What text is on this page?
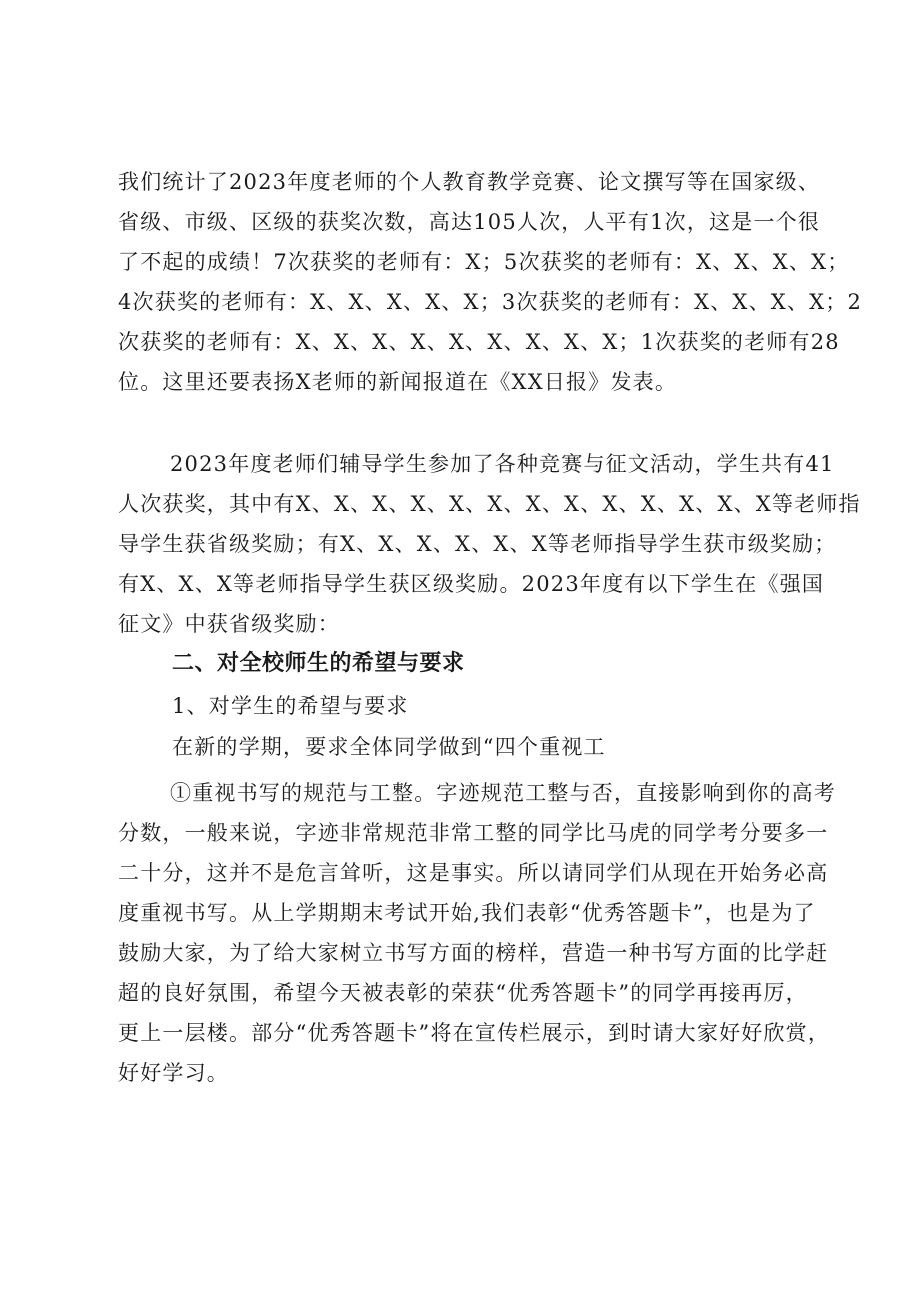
我们统计了2023年度老师的个人教育教学竞赛、论文撰写等在国家级、
省级、市级、区级的获奖次数，高达105人次，人平有1次，这是一个很
了不起的成绩！7次获奖的老师有：X；5次获奖的老师有：X、X、X、X；
4次获奖的老师有：X、X、X、X、X；3次获奖的老师有：X、X、X、X；2
次获奖的老师有：X、X、X、X、X、X、X、X、X；1次获奖的老师有28
位。这里还要表扬X老师的新闻报道在《XX日报》发表。
2023年度老师们辅导学生参加了各种竞赛与征文活动，学生共有41
人次获奖，其中有X、X、X、X、X、X、X、X、X、X、X、X、X等老师指
导学生获省级奖励；有X、X、X、X、X、X等老师指导学生获市级奖励；
有X、X、X等老师指导学生获区级奖励。2023年度有以下学生在《强国
征文》中获省级奖励：
二、对全校师生的希望与要求

1、对学生的希望与要求

在新的学期，要求全体同学做到“四个重视工

①重视书写的规范与工整。字迹规范工整与否，直接影响到你的高考
分数，一般来说，字迹非常规范非常工整的同学比马虎的同学考分要多一
二十分，这并不是危言耸听，这是事实。所以请同学们从现在开始务必高
度重视书写。从上学期期末考试开始,我们表彰“优秀答题卡”，也是为了
鼓励大家，为了给大家树立书写方面的榜样，营造一种书写方面的比学赶
超的良好氛围，希望今天被表彰的荣获“优秀答题卡”的同学再接再厉，
更上一层楼。部分“优秀答题卡”将在宣传栏展示，到时请大家好好欣赏，
好好学习。
